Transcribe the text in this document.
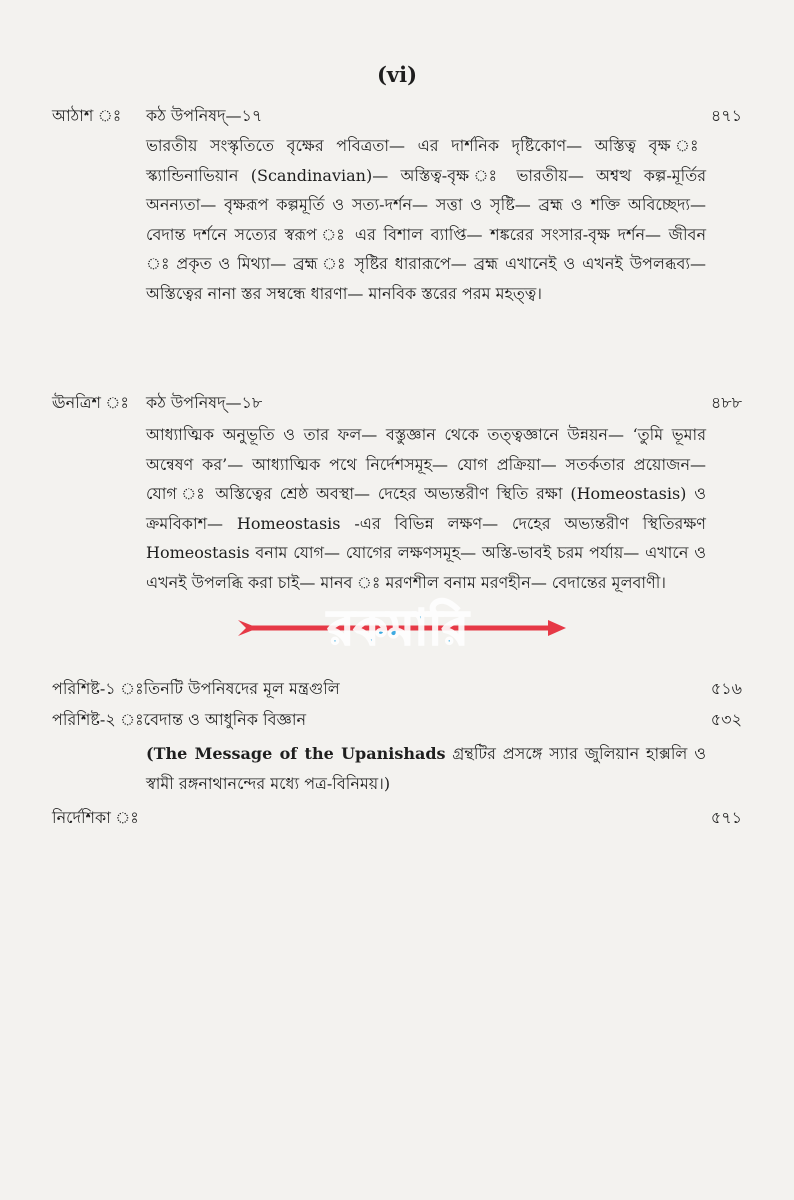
(vi)
আঠাশ ঃ কঠ উপনিষদ্—১৭	৪৭১

ভারতীয় সংস্কৃতিতে বৃক্ষের পবিত্রতা— এর দার্শনিক দৃষ্টিকোণ— অস্তিত্ব বৃক্ষ ঃ স্ক্যান্ডিনাভিয়ান (Scandinavian)— অস্তিত্ব-বৃক্ষ ঃ ভারতীয়— অশ্বত্থ কল্প-মূর্তির অনন্যতা— বৃক্ষরূপ কল্পমূর্তি ও সত্য-দর্শন— সত্তা ও সৃষ্টি— ব্রহ্ম ও শক্তি অবিচ্ছেদ্য— বেদান্ত দর্শনে সত্যের স্বরূপ ঃ এর বিশাল ব্যাপ্তি— শঙ্করের সংসার-বৃক্ষ দর্শন— জীবন ঃ প্রকৃত ও মিথ্যা— ব্রহ্ম ঃ সৃষ্টির ধারারূপে— ব্রহ্ম এখানেই ও এখনই উপলব্ধব্য— অস্তিত্বের নানা স্তর সম্বন্ধে ধারণা— মানবিক স্তরের পরম মহত্ত্ব।

ঊনত্রিশ ঃ কঠ উপনিষদ্—১৮	৪৮৮

আধ্যাত্মিক অনুভূতি ও তার ফল— বস্তুজ্ঞান থেকে তত্ত্বজ্ঞানে উন্নয়ন— ‘তুমি ভূমার অন্বেষণ কর’— আধ্যাত্মিক পথে নির্দেশসমূহ— যোগ প্রক্রিয়া— সতর্কতার প্রয়োজন— যোগ ঃ অস্তিত্বের শ্রেষ্ঠ অবস্থা— দেহের অভ্যন্তরীণ স্থিতি রক্ষা (Homeostasis) ও ক্রমবিকাশ— Homeostasis -এর বিভিন্ন লক্ষণ— দেহের অভ্যন্তরীণ স্থিতিরক্ষণ Homeostasis বনাম যোগ— যোগের লক্ষণসমূহ— অস্তি-ভাবই চরম পর্যায়— এখানে ও এখনই উপলব্ধি করা চাই— মানব ঃ মরণশীল বনাম মরণহীন— বেদান্তের মূলবাণী।

পরিশিষ্ট-১ ঃতিনটি উপনিষদের মূল মন্ত্রগুলি	৫১৬
পরিশিষ্ট-২ ঃবেদান্ত ও আধুনিক বিজ্ঞান	৫৩২

(The Message of the Upanishads গ্রন্থটির প্রসঙ্গে স্যার জুলিয়ান হাক্সলি ও স্বামী রঙ্গনাথানন্দের মধ্যে পত্র-বিনিময়।)

নির্দেশিকা ঃ	৫৭১
রকমারি
